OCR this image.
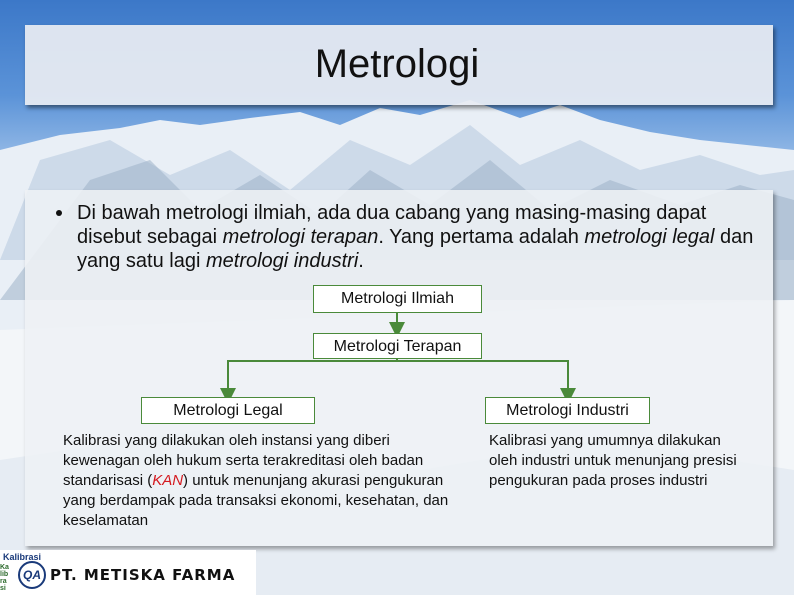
Metrologi
Di bawah metrologi ilmiah, ada dua cabang yang masing-masing dapat disebut sebagai metrologi terapan. Yang pertama adalah metrologi legal dan yang satu lagi metrologi industri.
Metrologi Ilmiah
Metrologi Terapan
Metrologi Legal	Metrologi Industri
Kalibrasi yang dilakukan oleh instansi yang diberi kewenagan oleh hukum serta terakreditasi oleh badan standarisasi (KAN) untuk menunjang akurasi pengukuran yang berdampak pada transaksi ekonomi, kesehatan, dan keselamatan
Kalibrasi yang umumnya dilakukan oleh industri untuk menunjang presisi pengukuran pada proses industri
Kalibrasi
Kalibrasi
QA PT. METISKA FARMA
